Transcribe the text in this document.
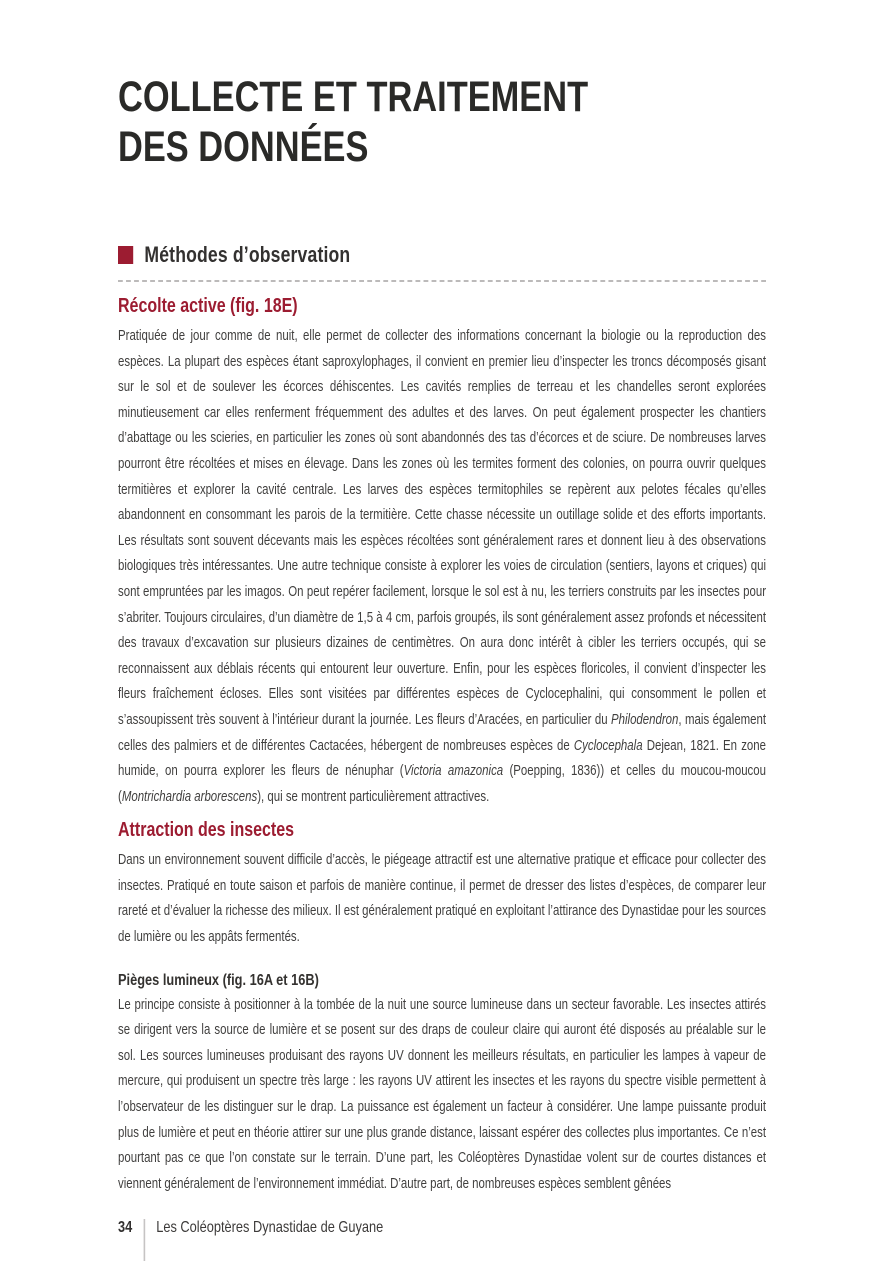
COLLECTE ET TRAITEMENT
DES DONNÉES
Méthodes d’observation
Récolte active (fig. 18E)

Pratiquée de jour comme de nuit, elle permet de collecter des informations concernant la biologie ou la reproduction des espèces. La plupart des espèces étant saproxylophages, il convient en premier lieu d’inspecter les troncs décomposés gisant sur le sol et de soulever les écorces déhiscentes. Les cavités remplies de terreau et les chandelles seront explorées minutieusement car elles renferment fréquemment des adultes et des larves. On peut également prospecter les chantiers d’abattage ou les scieries, en particulier les zones où sont abandonnés des tas d’écorces et de sciure. De nombreuses larves pourront être récoltées et mises en élevage. Dans les zones où les termites forment des colonies, on pourra ouvrir quelques termitières et explorer la cavité centrale. Les larves des espèces termitophiles se repèrent aux pelotes fécales qu’elles abandonnent en consommant les parois de la termitière. Cette chasse nécessite un outillage solide et des efforts importants. Les résultats sont souvent décevants mais les espèces récoltées sont généralement rares et donnent lieu à des observations biologiques très intéressantes. Une autre technique consiste à explorer les voies de circulation (sentiers, layons et criques) qui sont empruntées par les imagos. On peut repérer facilement, lorsque le sol est à nu, les terriers construits par les insectes pour s’abriter. Toujours circulaires, d’un diamètre de 1,5 à 4 cm, parfois groupés, ils sont généralement assez profonds et nécessitent des travaux d’excavation sur plusieurs dizaines de centimètres. On aura donc intérêt à cibler les terriers occupés, qui se reconnaissent aux déblais récents qui entourent leur ouverture. Enfin, pour les espèces floricoles, il convient d’inspecter les fleurs fraîchement écloses. Elles sont visitées par différentes espèces de Cyclocephalini, qui consomment le pollen et s’assoupissent très souvent à l’intérieur durant la journée. Les fleurs d’Aracées, en particulier du Philodendron, mais également celles des palmiers et de différentes Cactacées, hébergent de nombreuses espèces de Cyclocephala Dejean, 1821. En zone humide, on pourra explorer les fleurs de nénuphar (Victoria amazonica (Poepping, 1836)) et celles du moucou-moucou (Montrichardia arborescens), qui se montrent particulièrement attractives.

Attraction des insectes

Dans un environnement souvent difficile d’accès, le piégeage attractif est une alternative pratique et efficace pour collecter des insectes. Pratiqué en toute saison et parfois de manière continue, il permet de dresser des listes d’espèces, de comparer leur rareté et d’évaluer la richesse des milieux. Il est généralement pratiqué en exploitant l’attirance des Dynastidae pour les sources de lumière ou les appâts fermentés.

Pièges lumineux (fig. 16A et 16B)

Le principe consiste à positionner à la tombée de la nuit une source lumineuse dans un secteur favorable. Les insectes attirés se dirigent vers la source de lumière et se posent sur des draps de couleur claire qui auront été disposés au préalable sur le sol. Les sources lumineuses produisant des rayons UV donnent les meilleurs résultats, en particulier les lampes à vapeur de mercure, qui produisent un spectre très large : les rayons UV attirent les insectes et les rayons du spectre visible permettent à l’observateur de les distinguer sur le drap. La puissance est également un facteur à considérer. Une lampe puissante produit plus de lumière et peut en théorie attirer sur une plus grande distance, laissant espérer des collectes plus importantes. Ce n’est pourtant pas ce que l’on constate sur le terrain. D’une part, les Coléoptères Dynastidae volent sur de courtes distances et viennent généralement de l’environnement immédiat. D’autre part, de nombreuses espèces semblent gênées

34 Les Coléoptères Dynastidae de Guyane
